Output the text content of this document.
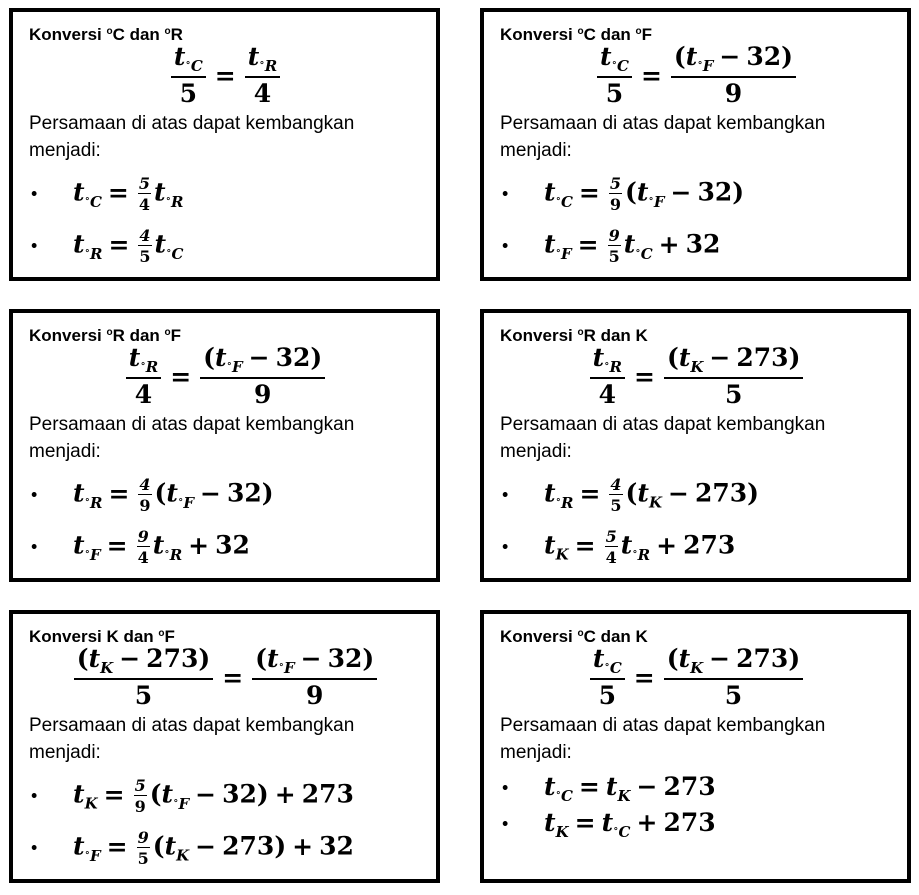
Konversi $^o$C dan $^o$R
$\frac{t_{^\circ C}}{5} = \frac{t_{^\circ R}}{4}$
Persamaan di atas dapat kembangkan menjadi:
• $t_{^\circ C} = \frac{5}{4} t_{^\circ R}$
• $t_{^\circ R} = \frac{4}{5} t_{^\circ C}$
Konversi $^o$C dan $^o$F
$\frac{t_{^\circ C}}{5} = \frac{(t_{^\circ F} - 32)}{9}$
Persamaan di atas dapat kembangkan menjadi:
• $t_{^\circ C} = \frac{5}{9} (t_{^\circ F} - 32)$
• $t_{^\circ F} = \frac{9}{5} t_{^\circ C} + 32$
Konversi $^o$R dan $^o$F
$\frac{t_{^\circ R}}{4} = \frac{(t_{^\circ F} - 32)}{9}$
Persamaan di atas dapat kembangkan menjadi:
• $t_{^\circ R} = \frac{4}{9} (t_{^\circ F} - 32)$
• $t_{^\circ F} = \frac{9}{4} t_{^\circ R} + 32$
Konversi $^o$R dan K
$\frac{t_{^\circ R}}{4} = \frac{(t_K - 273)}{5}$
Persamaan di atas dapat kembangkan menjadi:
• $t_{^\circ R} = \frac{4}{5} (t_K - 273)$
• $t_K = \frac{5}{4} t_{^\circ R} + 273$
Konversi K dan $^o$F
$\frac{(t_K - 273)}{5} = \frac{(t_{^\circ F} - 32)}{9}$
Persamaan di atas dapat kembangkan menjadi:
• $t_K = \frac{5}{9} (t_{^\circ F} - 32) + 273$
• $t_{^\circ F} = \frac{9}{5} (t_K - 273) + 32$
Konversi $^o$C dan K
$\frac{t_{^\circ C}}{5} = \frac{(t_K - 273)}{5}$
Persamaan di atas dapat kembangkan menjadi:
• $t_{^\circ C} = t_K - 273$
• $t_K = t_{^\circ C} + 273$
